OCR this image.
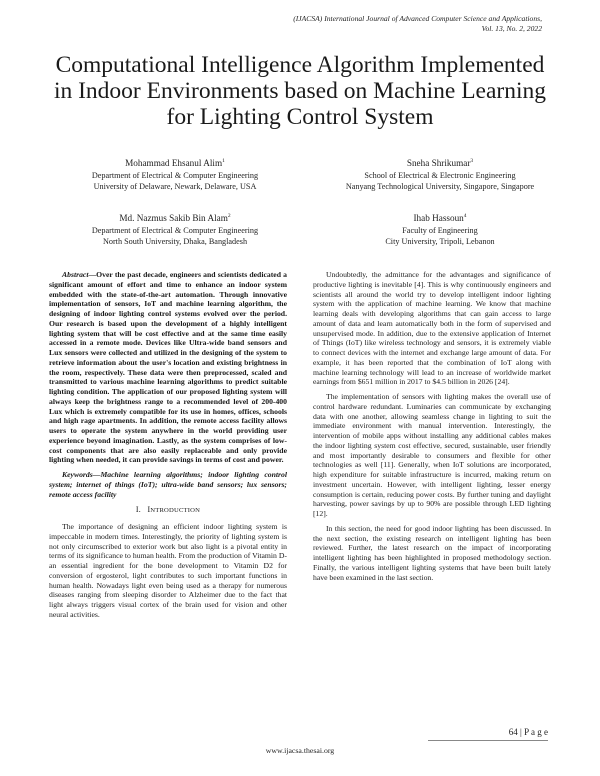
(IJACSA) International Journal of Advanced Computer Science and Applications,
Vol. 13, No. 2, 2022
Computational Intelligence Algorithm Implemented
in Indoor Environments based on Machine Learning
for Lighting Control System
Mohammad Ehsanul Alim$^1$
Department of Electrical & Computer Engineering
University of Delaware, Newark, Delaware, USA
Sneha Shrikumar$^3$
School of Electrical & Electronic Engineering
Nanyang Technological University, Singapore, Singapore
Md. Nazmus Sakib Bin Alam$^2$
Department of Electrical & Computer Engineering
North South University, Dhaka, Bangladesh
Ihab Hassoun$^4$
Faculty of Engineering
City University, Tripoli, Lebanon

Abstract—Over the past decade, engineers and scientists dedicated a significant amount of effort and time to enhance an indoor system embedded with the state-of-the-art automation. Through innovative implementation of sensors, IoT and machine learning algorithm, the designing of indoor lighting control systems evolved over the period. Our research is based upon the development of a highly intelligent lighting system that will be cost effective and at the same time easily accessed in a remote mode. Devices like Ultra-wide band sensors and Lux sensors were collected and utilized in the designing of the system to retrieve information about the user's location and existing brightness in the room, respectively. These data were then preprocessed, scaled and transmitted to various machine learning algorithms to predict suitable lighting condition. The application of our proposed lighting system will always keep the brightness range to a recommended level of 200-400 Lux which is extremely compatible for its use in homes, offices, schools and high rage apartments. In addition, the remote access facility allows users to operate the system anywhere in the world providing user experience beyond imagination. Lastly, as the system comprises of low-cost components that are also easily replaceable and only provide lighting when needed, it can provide savings in terms of cost and power.

Keywords—Machine learning algorithms; indoor lighting control system; internet of things (IoT); ultra-wide band sensors; lux sensors; remote access facility

I. INTRODUCTION

The importance of designing an efficient indoor lighting system is impeccable in modern times. Interestingly, the priority of lighting system is not only circumscribed to exterior work but also light is a pivotal entity in terms of its significance to human health. From the production of Vitamin D- an essential ingredient for the bone development to Vitamin D2 for conversion of ergosterol, light contributes to such important functions in human health. Nowadays light even being used as a therapy for numerous diseases ranging from sleeping disorder to Alzheimer due to the fact that light always triggers visual cortex of the brain used for vision and other neural activities.

Undoubtedly, the admittance for the advantages and significance of productive lighting is inevitable [4]. This is why continuously engineers and scientists all around the world try to develop intelligent indoor lighting system with the application of machine learning. We know that machine learning deals with developing algorithms that can gain access to large amount of data and learn automatically both in the form of supervised and unsupervised mode. In addition, due to the extensive application of Internet of Things (IoT) like wireless technology and sensors, it is extremely viable to connect devices with the internet and exchange large amount of data. For example, it has been reported that the combination of IoT along with machine learning technology will lead to an increase of worldwide market earnings from $651 million in 2017 to $4.5 billion in 2026 [24].

The implementation of sensors with lighting makes the overall use of control hardware redundant. Luminaries can communicate by exchanging data with one another, allowing seamless change in lighting to suit the immediate environment with manual intervention. Interestingly, the intervention of mobile apps without installing any additional cables makes the indoor lighting system cost effective, secured, sustainable, user friendly and most importantly desirable to consumers and flexible for other technologies as well [11]. Generally, when IoT solutions are incorporated, high expenditure for suitable infrastructure is incurred, making return on investment uncertain. However, with intelligent lighting, lesser energy consumption is certain, reducing power costs. By further tuning and daylight harvesting, power savings by up to 90% are possible through LED lighting [12].

In this section, the need for good indoor lighting has been discussed. In the next section, the existing research on intelligent lighting has been reviewed. Further, the latest research on the impact of incorporating intelligent lighting has been highlighted in proposed methodology section. Finally, the various intelligent lighting systems that have been built lately have been examined in the last section.

64 | P a g e
www.ijacsa.thesai.org
